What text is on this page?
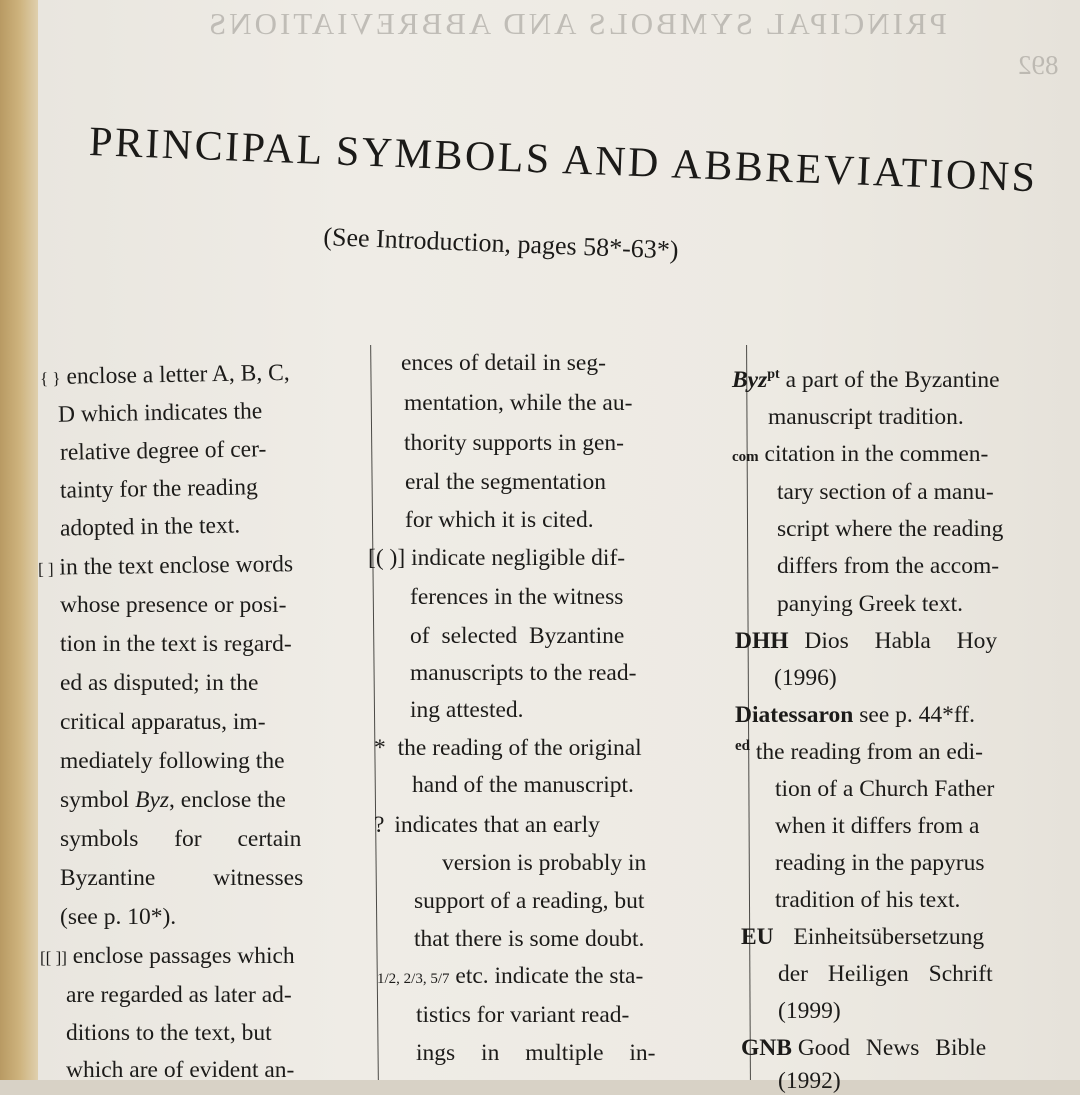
PRINCIPAL SYMBOLS AND ABBREVIATIONS
892
PRINCIPAL SYMBOLS AND ABBREVIATIONS
(See Introduction, pages 58*-63*)
{ } enclose a letter A, B, C,
D which indicates the
relative degree of cer-
tainty for the reading
adopted in the text.
[ ] in the text enclose words
whose presence or posi-
tion in the text is regard-
ed as disputed; in the
critical apparatus, im-
mediately following the
symbol Byz, enclose the
symbols for certain
Byzantine witnesses
(see p. 10*).
[[ ]] enclose passages which
are regarded as later ad-
ditions to the text, but
which are of evident an-
ences of detail in seg-
mentation, while the au-
thority supports in gen-
eral the segmentation
for which it is cited.
[( )] indicate negligible dif-
ferences in the witness
of selected Byzantine
manuscripts to the read-
ing attested.
* the reading of the original
hand of the manuscript.
? indicates that an early
version is probably in
support of a reading, but
that there is some doubt.
1/2, 2/3, 5/7 etc. indicate the sta-
tistics for variant read-
ings in multiple in-
Byz$^{pt}$ a part of the Byzantine
manuscript tradition.
com citation in the commen-
tary section of a manu-
script where the reading
differs from the accom-
panying Greek text.
DHH Dios Habla Hoy
(1996)
Diatessaron see p. 44*ff.
$^{ed}$ the reading from an edi-
tion of a Church Father
when it differs from a
reading in the papyrus
tradition of his text.
EU Einheitsübersetzung
der Heiligen Schrift
(1999)
GNB Good News Bible
(1992)
